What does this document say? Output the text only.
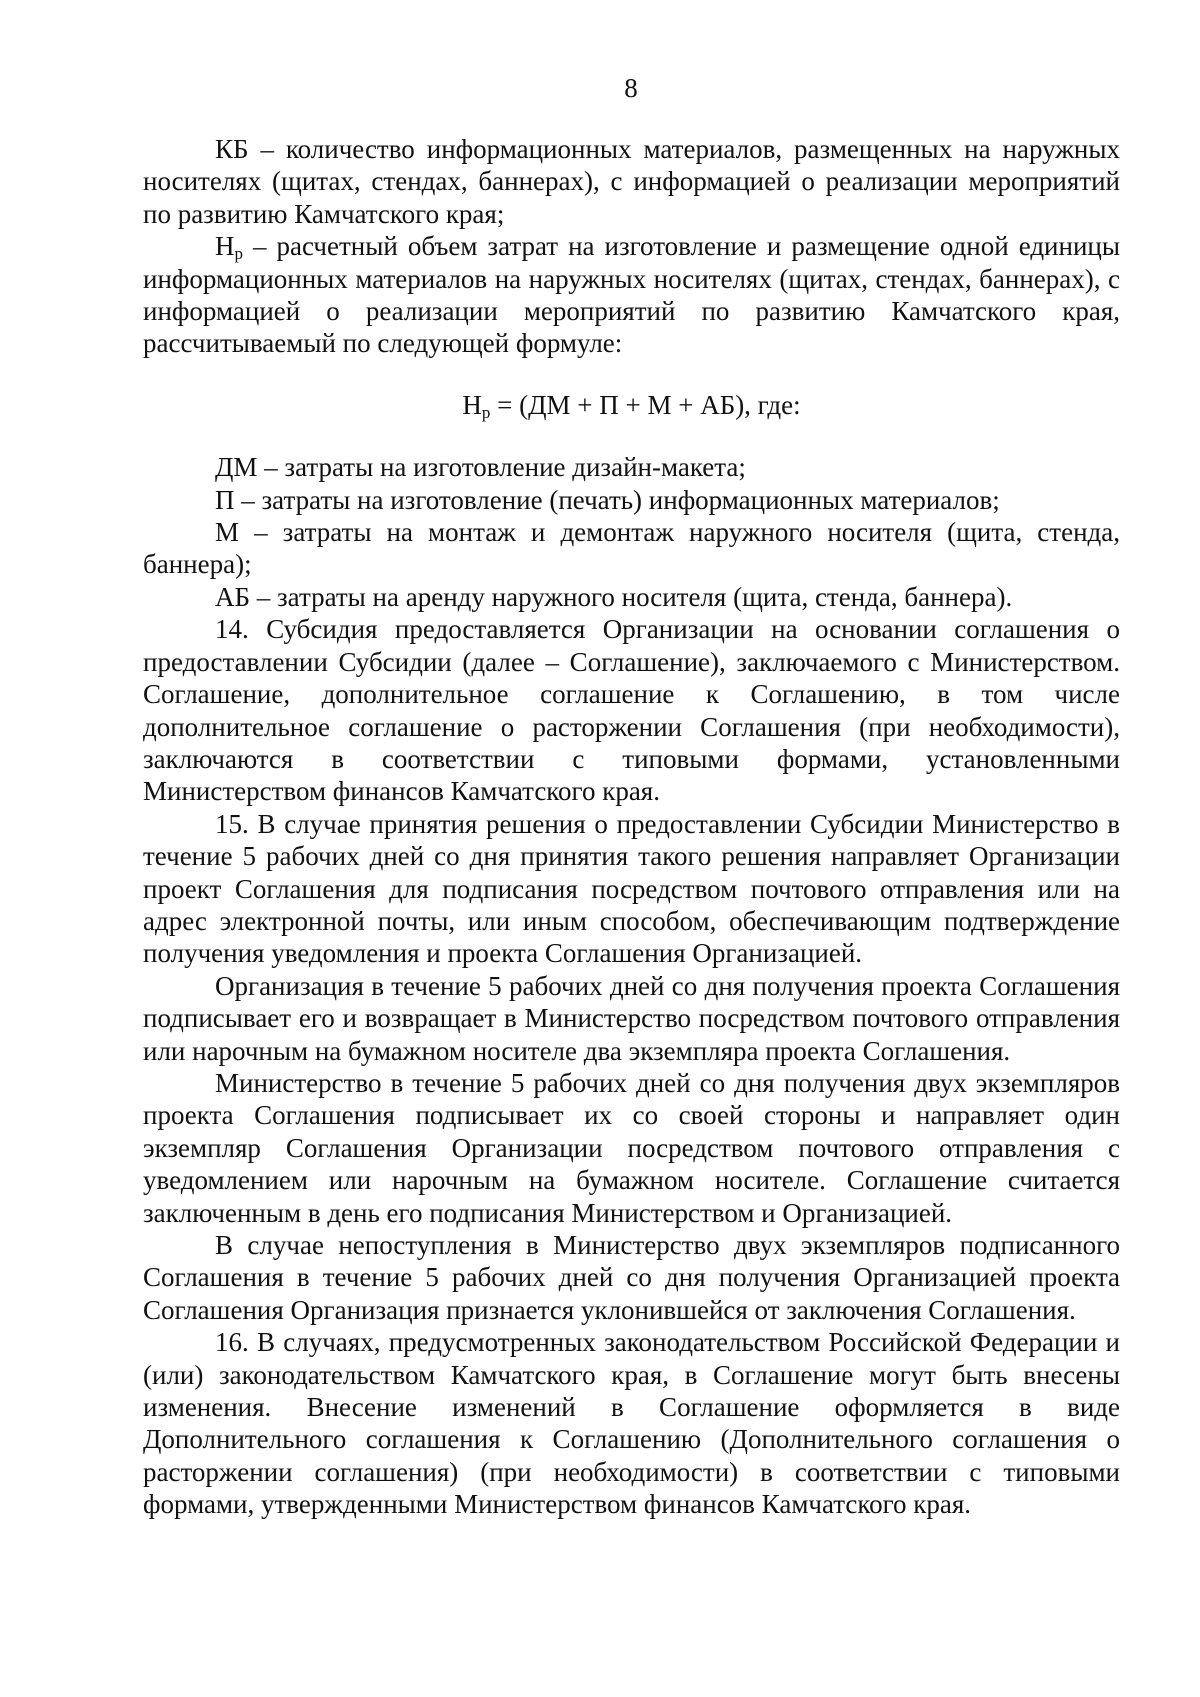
8

КБ – количество информационных материалов, размещенных на наружных носителях (щитах, стендах, баннерах), с информацией о реализации мероприятий по развитию Камчатского края;

$Н_р$ – расчетный объем затрат на изготовление и размещение одной единицы информационных материалов на наружных носителях (щитах, стендах, баннерах), с информацией о реализации мероприятий по развитию Камчатского края, рассчитываемый по следующей формуле:

$Н_р = (ДМ + П + М + АБ)$, где:

ДМ – затраты на изготовление дизайн-макета;

П – затраты на изготовление (печать) информационных материалов;

М – затраты на монтаж и демонтаж наружного носителя (щита, стенда, баннера);

АБ – затраты на аренду наружного носителя (щита, стенда, баннера).

14. Субсидия предоставляется Организации на основании соглашения о предоставлении Субсидии (далее – Соглашение), заключаемого с Министерством. Соглашение, дополнительное соглашение к Соглашению, в том числе дополнительное соглашение о расторжении Соглашения (при необходимости), заключаются в соответствии с типовыми формами, установленными Министерством финансов Камчатского края.

15. В случае принятия решения о предоставлении Субсидии Министерство в течение 5 рабочих дней со дня принятия такого решения направляет Организации проект Соглашения для подписания посредством почтового отправления или на адрес электронной почты, или иным способом, обеспечивающим подтверждение получения уведомления и проекта Соглашения Организацией.

Организация в течение 5 рабочих дней со дня получения проекта Соглашения подписывает его и возвращает в Министерство посредством почтового отправления или нарочным на бумажном носителе два экземпляра проекта Соглашения.

Министерство в течение 5 рабочих дней со дня получения двух экземпляров проекта Соглашения подписывает их со своей стороны и направляет один экземпляр Соглашения Организации посредством почтового отправления с уведомлением или нарочным на бумажном носителе. Соглашение считается заключенным в день его подписания Министерством и Организацией.

В случае непоступления в Министерство двух экземпляров подписанного Соглашения в течение 5 рабочих дней со дня получения Организацией проекта Соглашения Организация признается уклонившейся от заключения Соглашения.

16. В случаях, предусмотренных законодательством Российской Федерации и (или) законодательством Камчатского края, в Соглашение могут быть внесены изменения. Внесение изменений в Соглашение оформляется в виде Дополнительного соглашения к Соглашению (Дополнительного соглашения о расторжении соглашения) (при необходимости) в соответствии с типовыми формами, утвержденными Министерством финансов Камчатского края.
